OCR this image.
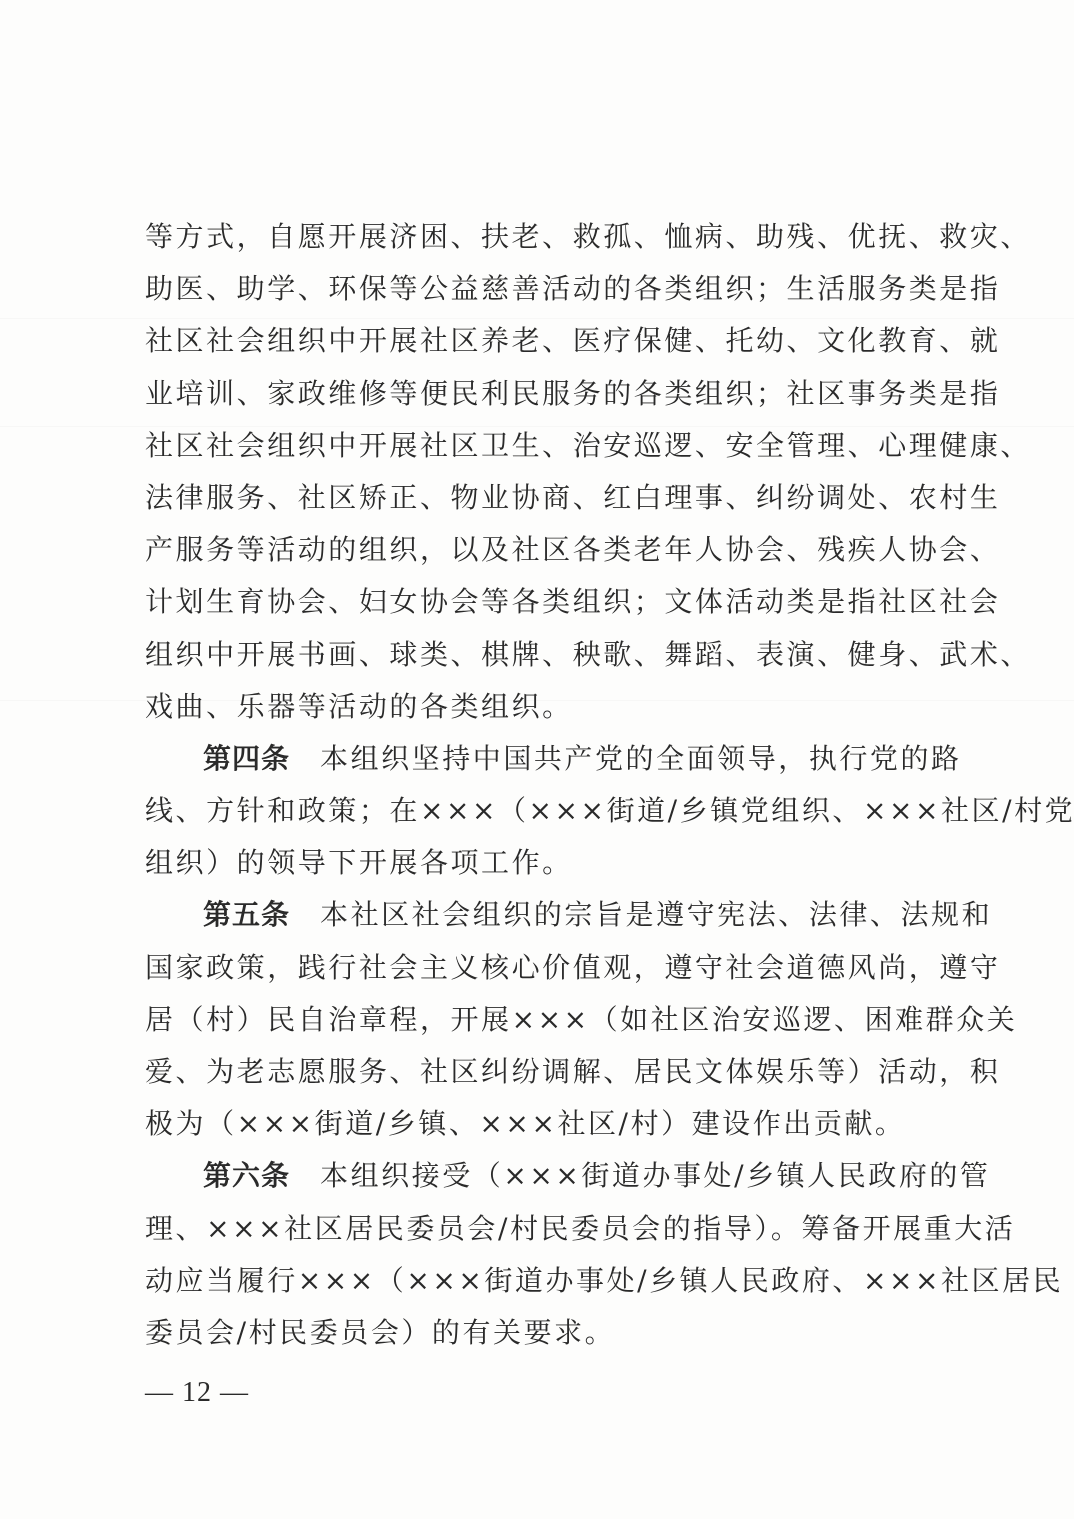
等方式，自愿开展济困、扶老、救孤、恤病、助残、优抚、救灾、
助医、助学、环保等公益慈善活动的各类组织；生活服务类是指
社区社会组织中开展社区养老、医疗保健、托幼、文化教育、就
业培训、家政维修等便民利民服务的各类组织；社区事务类是指
社区社会组织中开展社区卫生、治安巡逻、安全管理、心理健康、
法律服务、社区矫正、物业协商、红白理事、纠纷调处、农村生
产服务等活动的组织，以及社区各类老年人协会、残疾人协会、
计划生育协会、妇女协会等各类组织；文体活动类是指社区社会
组织中开展书画、球类、棋牌、秧歌、舞蹈、表演、健身、武术、
戏曲、乐器等活动的各类组织。
第四条 本组织坚持中国共产党的全面领导，执行党的路
线、方针和政策；在×××（×××街道/乡镇党组织、×××社区/村党
组织）的领导下开展各项工作。
第五条 本社区社会组织的宗旨是遵守宪法、法律、法规和
国家政策，践行社会主义核心价值观，遵守社会道德风尚，遵守
居（村）民自治章程，开展×××（如社区治安巡逻、困难群众关
爱、为老志愿服务、社区纠纷调解、居民文体娱乐等）活动，积
极为（×××街道/乡镇、×××社区/村）建设作出贡献。
第六条 本组织接受（×××街道办事处/乡镇人民政府的管
理、×××社区居民委员会/村民委员会的指导）。筹备开展重大活
动应当履行×××（×××街道办事处/乡镇人民政府、×××社区居民
委员会/村民委员会）的有关要求。
— 12 —
